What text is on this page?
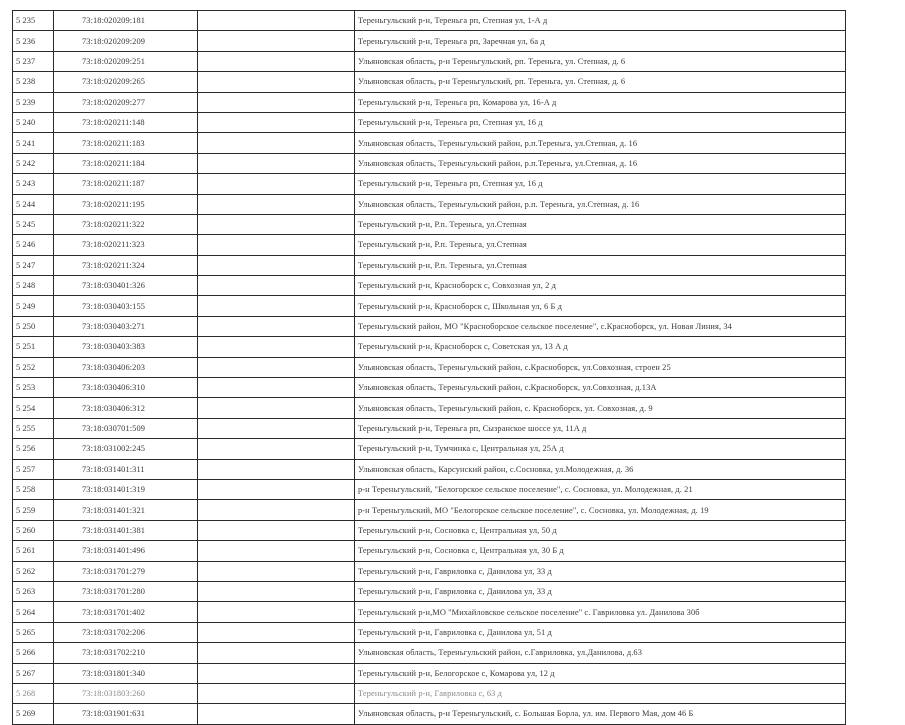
5 235	73:18:020209:181		Тереньгульский р-н, Тереньга рп, Степная ул, 1-А д
5 236	73:18:020209:209		Тереньгульский р-н, Тереньга рп, Заречная ул, 6а д
5 237	73:18:020209:251		Ульяновская область, р-н Тереньгульский, рп. Тереньга, ул. Степная, д. 6
5 238	73:18:020209:265		Ульяновская область, р-н Тереньгульский, рп. Тереньга, ул. Степная, д. 6
5 239	73:18:020209:277		Тереньгульский р-н, Тереньга рп, Комарова ул, 16-А д
5 240	73:18:020211:148		Тереньгульский р-н, Тереньга рп, Степная ул, 16 д
5 241	73:18:020211:183		Ульяновская область, Тереньгульский район, р.п.Тереньга, ул.Степная, д. 16
5 242	73:18:020211:184		Ульяновская область, Тереньгульский район, р.п.Тереньга, ул.Степная, д. 16
5 243	73:18:020211:187		Тереньгульский р-н, Тереньга рп, Степная ул, 16 д
5 244	73:18:020211:195		Ульяновская область, Тереньгульский район, р.п. Тереньга, ул.Степная, д. 16
5 245	73:18:020211:322		Тереньгульский р-н, Р.п. Тереньга, ул.Степная
5 246	73:18:020211:323		Тереньгульский р-н, Р.п. Тереньга, ул.Степная
5 247	73:18:020211:324		Тереньгульский р-н, Р.п. Тереньга, ул.Степная
5 248	73:18:030401:326		Тереньгульский р-н, Красноборск с, Совхозная ул, 2 д
5 249	73:18:030403:155		Тереньгульский р-н, Красноборск с, Школьная ул, 6 Б д
5 250	73:18:030403:271		Тереньгульский район, МО "Красноборское сельское поселение", с.Красноборск, ул. Новая Линия, 34
5 251	73:18:030403:383		Тереньгульский р-н, Красноборск с, Советская ул, 13 А д
5 252	73:18:030406:203		Ульяновская область, Тереньгульский район, с.Красноборск, ул.Совхозная, строен 25
5 253	73:18:030406:310		Ульяновская область, Тереньгульский район, с.Красноборск, ул.Совхозная, д.13А
5 254	73:18:030406:312		Ульяновская область, Тереньгульский район, с. Красноборск, ул. Совхозная, д. 9
5 255	73:18:030701:509		Тереньгульский р-н, Тереньга рп, Сызранское шоссе ул, 11А д
5 256	73:18:031002:245		Тереньгульский р-н, Тумчинка с, Центральная ул, 25А д
5 257	73:18:031401:311		Ульяновская область, Карсунский район, с.Сосновка, ул.Молодежная, д. 36
5 258	73:18:031401:319		р-н Тереньгульский, "Белогорское сельское поселение", с. Сосновка, ул. Молодежная, д. 21
5 259	73:18:031401:321		р-н Тереньгульский, МО "Белогорское сельское поселение", с. Сосновка, ул. Молодежная, д. 19
5 260	73:18:031401:381		Тереньгульский р-н, Сосновка с, Центральная ул, 50 д
5 261	73:18:031401:496		Тереньгульский р-н, Сосновка с, Центральная ул, 30 Б д
5 262	73:18:031701:279		Тереньгульский р-н, Гавриловка с, Данилова ул, 33 д
5 263	73:18:031701:280		Тереньгульский р-н, Гавриловка с, Данилова ул, 33 д
5 264	73:18:031701:402		Тереньгульский р-н,МО "Михайловское сельское поселение" с. Гавриловка ул. Данилова 30б
5 265	73:18:031702:206		Тереньгульский р-н, Гавриловка с, Данилова ул, 51 д
5 266	73:18:031702:210		Ульяновская область, Тереньгульский район, с.Гавриловка, ул.Данилова, д.63
5 267	73:18:031801:340		Тереньгульский р-н, Белогорское с, Комарова ул, 12 д
5 268	73:18:031803:260		Тереньгульский р-н, Гавриловка с, 63 д
5 269	73:18:031901:631		Ульяновская область, р-н Тереньгульский, с. Большая Борла, ул. им. Первого Мая, дом 46 Б
